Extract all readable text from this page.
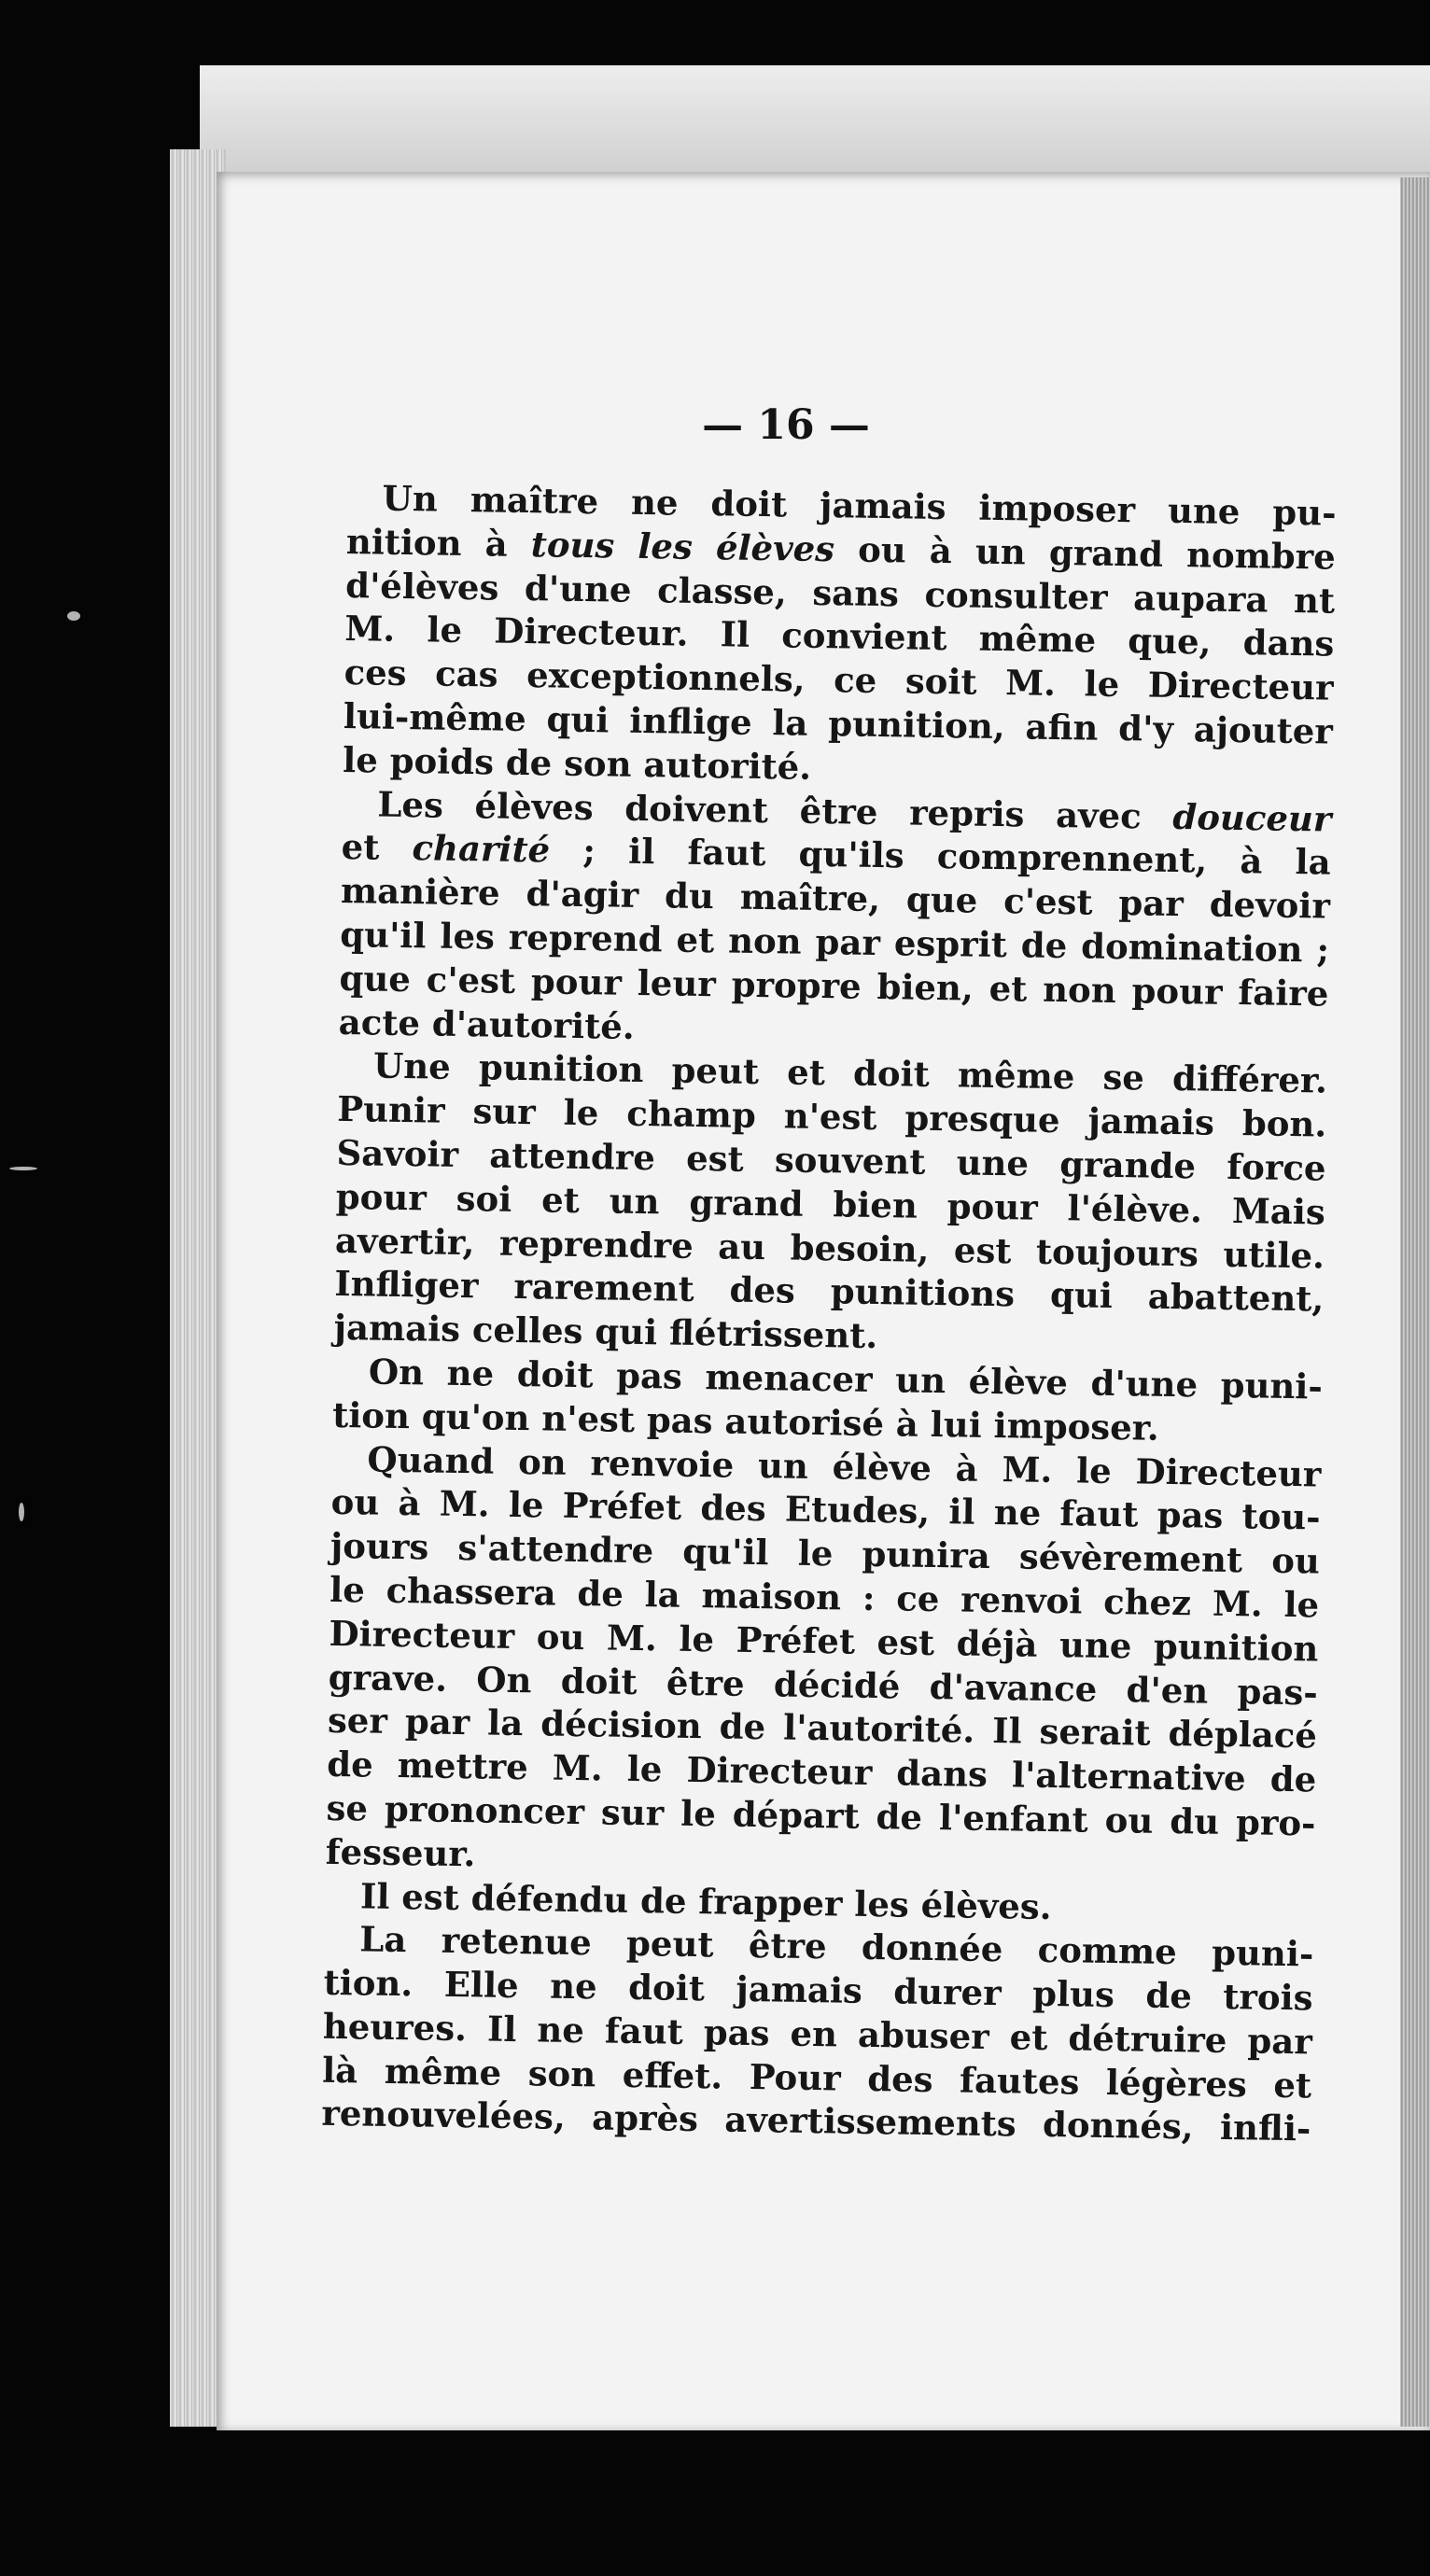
— 16 —
Un maître ne doit jamais imposer une pu-
nition à tous les élèves ou à un grand nombre
d'élèves d'une classe, sans consulter aupara nt
M. le Directeur. Il convient même que, dans
ces cas exceptionnels, ce soit M. le Directeur
lui-même qui inflige la punition, afin d'y ajouter
le poids de son autorité.
Les élèves doivent être repris avec douceur
et charité ; il faut qu'ils comprennent, à la
manière d'agir du maître, que c'est par devoir
qu'il les reprend et non par esprit de domination ;
que c'est pour leur propre bien, et non pour faire
acte d'autorité.
Une punition peut et doit même se différer.
Punir sur le champ n'est presque jamais bon.
Savoir attendre est souvent une grande force
pour soi et un grand bien pour l'élève. Mais
avertir, reprendre au besoin, est toujours utile.
Infliger rarement des punitions qui abattent,
jamais celles qui flétrissent.
On ne doit pas menacer un élève d'une puni-
tion qu'on n'est pas autorisé à lui imposer.
Quand on renvoie un élève à M. le Directeur
ou à M. le Préfet des Etudes, il ne faut pas tou-
jours s'attendre qu'il le punira sévèrement ou
le chassera de la maison : ce renvoi chez M. le
Directeur ou M. le Préfet est déjà une punition
grave. On doit être décidé d'avance d'en pas-
ser par la décision de l'autorité. Il serait déplacé
de mettre M. le Directeur dans l'alternative de
se prononcer sur le départ de l'enfant ou du pro-
fesseur.
Il est défendu de frapper les élèves.
La retenue peut être donnée comme puni-
tion. Elle ne doit jamais durer plus de trois
heures. Il ne faut pas en abuser et détruire par
là même son effet. Pour des fautes légères et
renouvelées, après avertissements donnés, infli-
